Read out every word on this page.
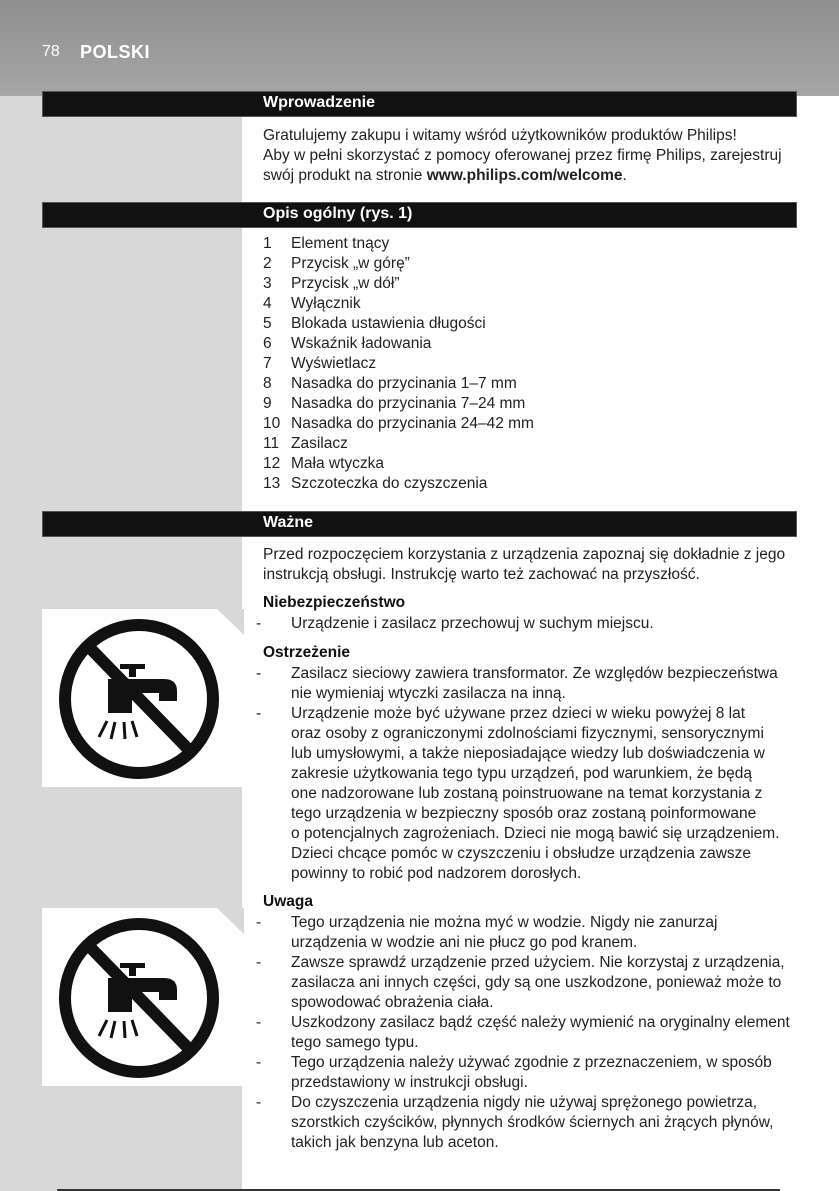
78 POLSKI
Wprowadzenie
Gratulujemy zakupu i witamy wśród użytkowników produktów Philips!
Aby w pełni skorzystać z pomocy oferowanej przez firmę Philips, zarejestruj
swój produkt na stronie www.philips.com/welcome.
Opis ogólny (rys. 1)
1 Element tnący
2 Przycisk „w górę”
3 Przycisk „w dół”
4 Wyłącznik
5 Blokada ustawienia długości
6 Wskaźnik ładowania
7 Wyświetlacz
8 Nasadka do przycinania 1–7 mm
9 Nasadka do przycinania 7–24 mm
10 Nasadka do przycinania 24–42 mm
11 Zasilacz
12 Mała wtyczka
13 Szczoteczka do czyszczenia
Ważne
Przed rozpoczęciem korzystania z urządzenia zapoznaj się dokładnie z jego
instrukcją obsługi. Instrukcję warto też zachować na przyszłość.
Niebezpieczeństwo
- Urządzenie i zasilacz przechowuj w suchym miejscu.
Ostrzeżenie
- Zasilacz sieciowy zawiera transformator. Ze względów bezpieczeństwa
nie wymieniaj wtyczki zasilacza na inną.
- Urządzenie może być używane przez dzieci w wieku powyżej 8 lat
oraz osoby z ograniczonymi zdolnościami fizycznymi, sensorycznymi
lub umysłowymi, a także nieposiadające wiedzy lub doświadczenia w
zakresie użytkowania tego typu urządzeń, pod warunkiem, że będą
one nadzorowane lub zostaną poinstruowane na temat korzystania z
tego urządzenia w bezpieczny sposób oraz zostaną poinformowane
o potencjalnych zagrożeniach. Dzieci nie mogą bawić się urządzeniem.
Dzieci chcące pomóc w czyszczeniu i obsłudze urządzenia zawsze
powinny to robić pod nadzorem dorosłych.
Uwaga
- Tego urządzenia nie można myć w wodzie. Nigdy nie zanurzaj
urządzenia w wodzie ani nie płucz go pod kranem.
- Zawsze sprawdź urządzenie przed użyciem. Nie korzystaj z urządzenia,
zasilacza ani innych części, gdy są one uszkodzone, ponieważ może to
spowodować obrażenia ciała.
- Uszkodzony zasilacz bądź część należy wymienić na oryginalny element
tego samego typu.
- Tego urządzenia należy używać zgodnie z przeznaczeniem, w sposób
przedstawiony w instrukcji obsługi.
- Do czyszczenia urządzenia nigdy nie używaj sprężonego powietrza,
szorstkich czyścików, płynnych środków ściernych ani żrących płynów,
takich jak benzyna lub aceton.
